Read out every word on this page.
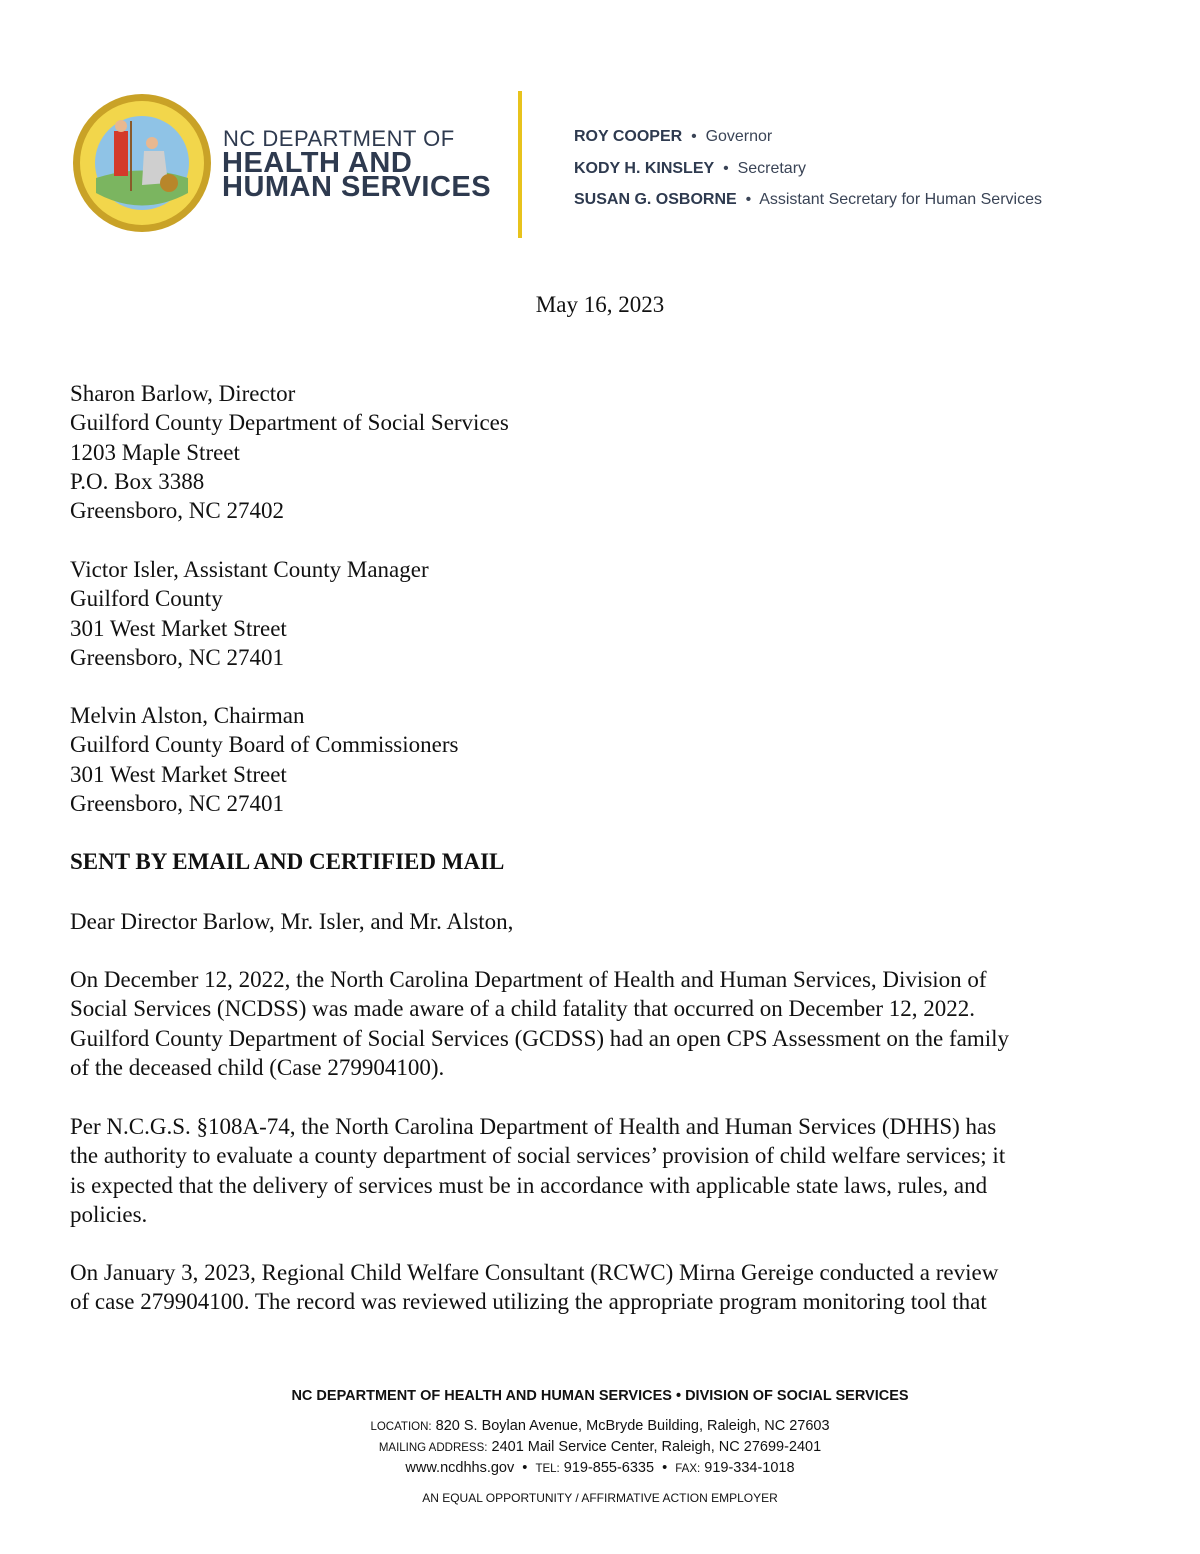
NC DEPARTMENT OF
HEALTH AND
HUMAN SERVICES
ROY COOPER • Governor
KODY H. KINSLEY • Secretary
SUSAN G. OSBORNE • Assistant Secretary for Human Services
May 16, 2023
Sharon Barlow, Director
Guilford County Department of Social Services
1203 Maple Street
P.O. Box 3388
Greensboro, NC 27402
Victor Isler, Assistant County Manager
Guilford County
301 West Market Street
Greensboro, NC 27401
Melvin Alston, Chairman
Guilford County Board of Commissioners
301 West Market Street
Greensboro, NC 27401
SENT BY EMAIL AND CERTIFIED MAIL
Dear Director Barlow, Mr. Isler, and Mr. Alston,
On December 12, 2022, the North Carolina Department of Health and Human Services, Division of
Social Services (NCDSS) was made aware of a child fatality that occurred on December 12, 2022.
Guilford County Department of Social Services (GCDSS) had an open CPS Assessment on the family
of the deceased child (Case 279904100).
Per N.C.G.S. §108A-74, the North Carolina Department of Health and Human Services (DHHS) has
the authority to evaluate a county department of social services’ provision of child welfare services; it
is expected that the delivery of services must be in accordance with applicable state laws, rules, and
policies.
On January 3, 2023, Regional Child Welfare Consultant (RCWC) Mirna Gereige conducted a review
of case 279904100. The record was reviewed utilizing the appropriate program monitoring tool that
NC DEPARTMENT OF HEALTH AND HUMAN SERVICES • DIVISION OF SOCIAL SERVICES
LOCATION: 820 S. Boylan Avenue, McBryde Building, Raleigh, NC 27603
MAILING ADDRESS: 2401 Mail Service Center, Raleigh, NC 27699-2401
www.ncdhhs.gov • TEL: 919-855-6335 • FAX: 919-334-1018
AN EQUAL OPPORTUNITY / AFFIRMATIVE ACTION EMPLOYER
